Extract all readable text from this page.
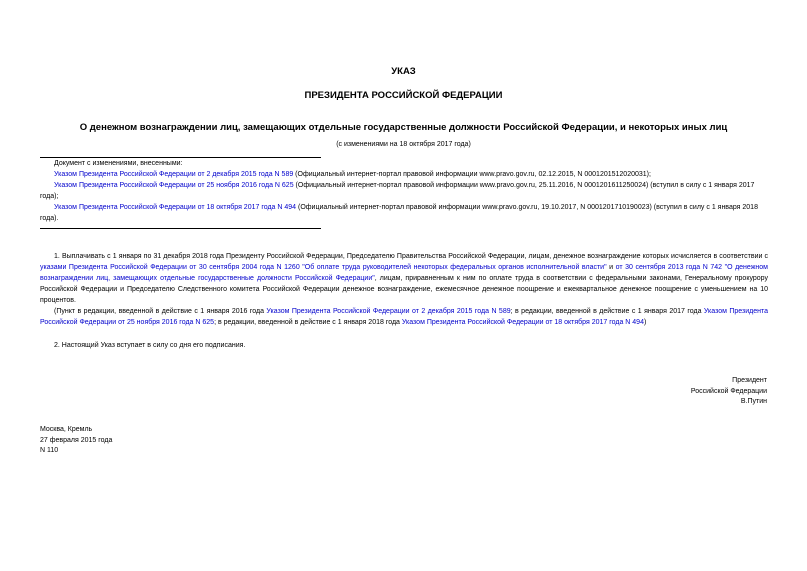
УКАЗ
ПРЕЗИДЕНТА РОССИЙСКОЙ ФЕДЕРАЦИИ
О денежном вознаграждении лиц, замещающих отдельные государственные должности Российской Федерации, и некоторых иных лиц
(с изменениями на 18 октября 2017 года)

Документ с изменениями, внесенными:

Указом Президента Российской Федерации от 2 декабря 2015 года N 589 (Официальный интернет-портал правовой информации www.pravo.gov.ru, 02.12.2015, N 0001201512020031);

Указом Президента Российской Федерации от 25 ноября 2016 года N 625 (Официальный интернет-портал правовой информации www.pravo.gov.ru, 25.11.2016, N 0001201611250024) (вступил в силу с 1 января 2017 года);

Указом Президента Российской Федерации от 18 октября 2017 года N 494 (Официальный интернет-портал правовой информации www.pravo.gov.ru, 19.10.2017, N 0001201710190023) (вступил в силу с 1 января 2018 года).

1. Выплачивать с 1 января по 31 декабря 2018 года Президенту Российской Федерации, Председателю Правительства Российской Федерации, лицам, денежное вознаграждение которых исчисляется в соответствии с указами Президента Российской Федерации от 30 сентября 2004 года N 1260 "Об оплате труда руководителей некоторых федеральных органов исполнительной власти" и от 30 сентября 2013 года N 742 "О денежном вознаграждении лиц, замещающих отдельные государственные должности Российской Федерации", лицам, приравненным к ним по оплате труда в соответствии с федеральными законами, Генеральному прокурору Российской Федерации и Председателю Следственного комитета Российской Федерации денежное вознаграждение, ежемесячное денежное поощрение и ежеквартальное денежное поощрение с уменьшением на 10 процентов.

(Пункт в редакции, введенной в действие с 1 января 2016 года Указом Президента Российской Федерации от 2 декабря 2015 года N 589; в редакции, введенной в действие с 1 января 2017 года Указом Президента Российской Федерации от 25 ноября 2016 года N 625; в редакции, введенной в действие с 1 января 2018 года Указом Президента Российской Федерации от 18 октября 2017 года N 494)

2. Настоящий Указ вступает в силу со дня его подписания.

Президент
Российской Федерации
В.Путин
Москва, Кремль
27 февраля 2015 года
N 110
